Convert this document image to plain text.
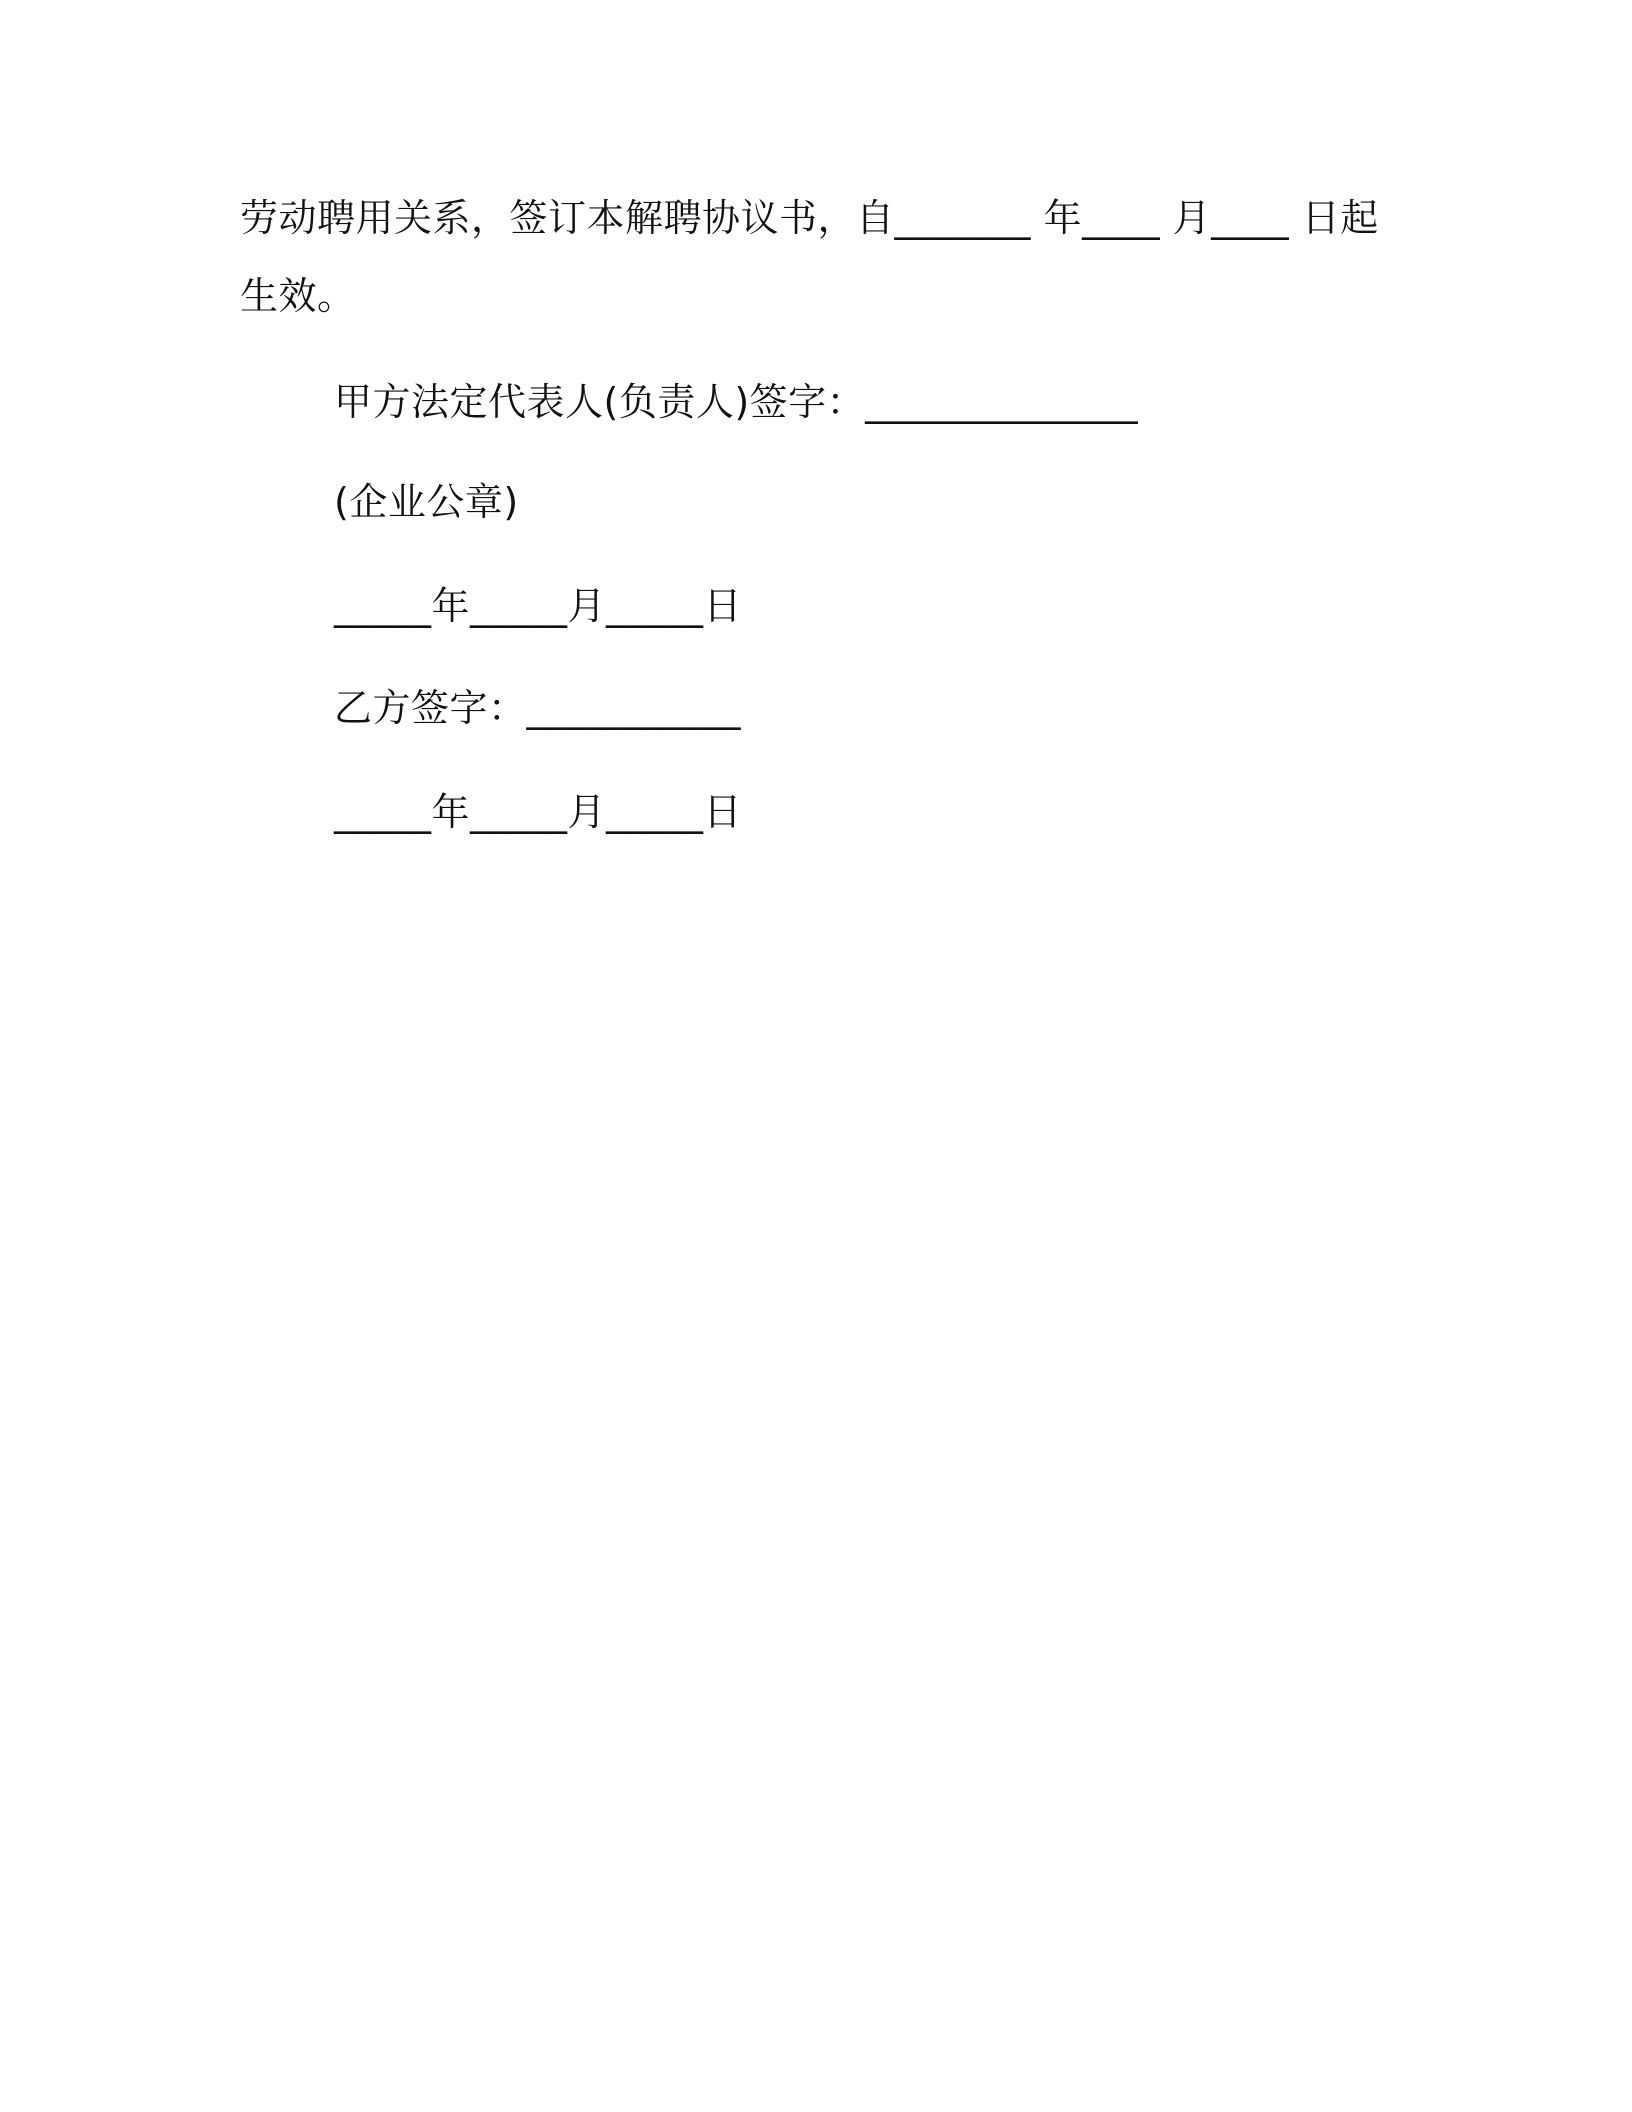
劳动聘用关系，签订本解聘协议书，自_______ 年____ 月____ 日起
生效。
甲方法定代表人(负责人)签字：______________
(企业公章)
_____年_____月_____日
乙方签字：___________
_____年_____月_____日
